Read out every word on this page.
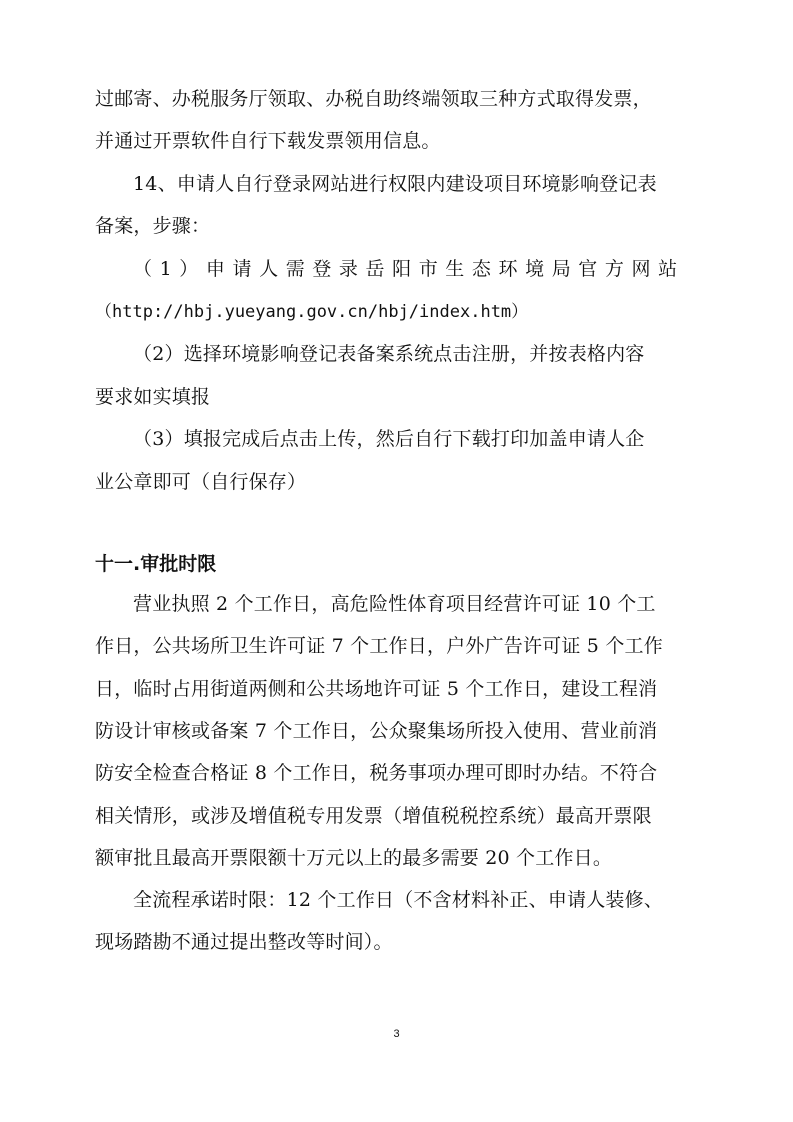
过邮寄、办税服务厅领取、办税自助终端领取三种方式取得发票，
并通过开票软件自行下载发票领用信息。
14、申请人自行登录网站进行权限内建设项目环境影响登记表
备案，步骤：
（1）申请人需登录岳阳市生态环境局官方网站
（http://hbj.yueyang.gov.cn/hbj/index.htm）
（2）选择环境影响登记表备案系统点击注册，并按表格内容
要求如实填报
（3）填报完成后点击上传，然后自行下载打印加盖申请人企
业公章即可（自行保存）
十一.审批时限
营业执照 2 个工作日，高危险性体育项目经营许可证 10 个工
作日，公共场所卫生许可证 7 个工作日，户外广告许可证 5 个工作
日，临时占用街道两侧和公共场地许可证 5 个工作日，建设工程消
防设计审核或备案 7 个工作日，公众聚集场所投入使用、营业前消
防安全检查合格证 8 个工作日，税务事项办理可即时办结。不符合
相关情形，或涉及增值税专用发票（增值税税控系统）最高开票限
额审批且最高开票限额十万元以上的最多需要 20 个工作日。
全流程承诺时限：12 个工作日（不含材料补正、申请人装修、
现场踏勘不通过提出整改等时间）。
3
